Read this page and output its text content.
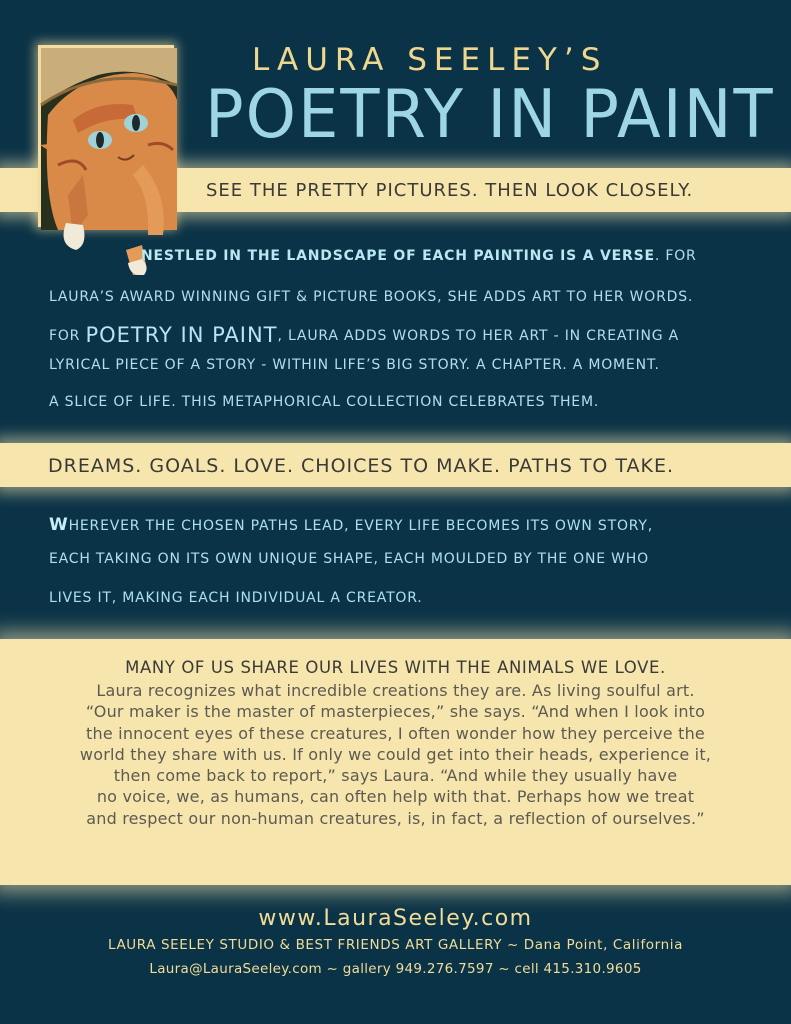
LAURA SEELEY’S
POETRY IN PAINT
SEE THE PRETTY PICTURES. THEN LOOK CLOSELY.
NESTLED IN THE LANDSCAPE OF EACH PAINTING IS A VERSE. FOR
LAURA’S AWARD WINNING GIFT & PICTURE BOOKS, SHE ADDS ART TO HER WORDS.
FOR POETRY IN PAINT, LAURA ADDS WORDS TO HER ART - IN CREATING A
LYRICAL PIECE OF A STORY - WITHIN LIFE’S BIG STORY. A CHAPTER. A MOMENT.
A SLICE OF LIFE. THIS METAPHORICAL COLLECTION CELEBRATES THEM.
DREAMS. GOALS. LOVE. CHOICES TO MAKE. PATHS TO TAKE.
WHEREVER THE CHOSEN PATHS LEAD, EVERY LIFE BECOMES ITS OWN STORY,
EACH TAKING ON ITS OWN UNIQUE SHAPE, EACH MOULDED BY THE ONE WHO
LIVES IT, MAKING EACH INDIVIDUAL A CREATOR.
MANY OF US SHARE OUR LIVES WITH THE ANIMALS WE LOVE.
Laura recognizes what incredible creations they are. As living soulful art.
“Our maker is the master of masterpieces,” she says. “And when I look into
the innocent eyes of these creatures, I often wonder how they perceive the
world they share with us. If only we could get into their heads, experience it,
then come back to report,” says Laura. “And while they usually have
no voice, we, as humans, can often help with that. Perhaps how we treat
and respect our non-human creatures, is, in fact, a reflection of ourselves.”
www.LauraSeeley.com
LAURA SEELEY STUDIO & BEST FRIENDS ART GALLERY ~ Dana Point, California
Laura@LauraSeeley.com ~ gallery 949.276.7597 ~ cell 415.310.9605
